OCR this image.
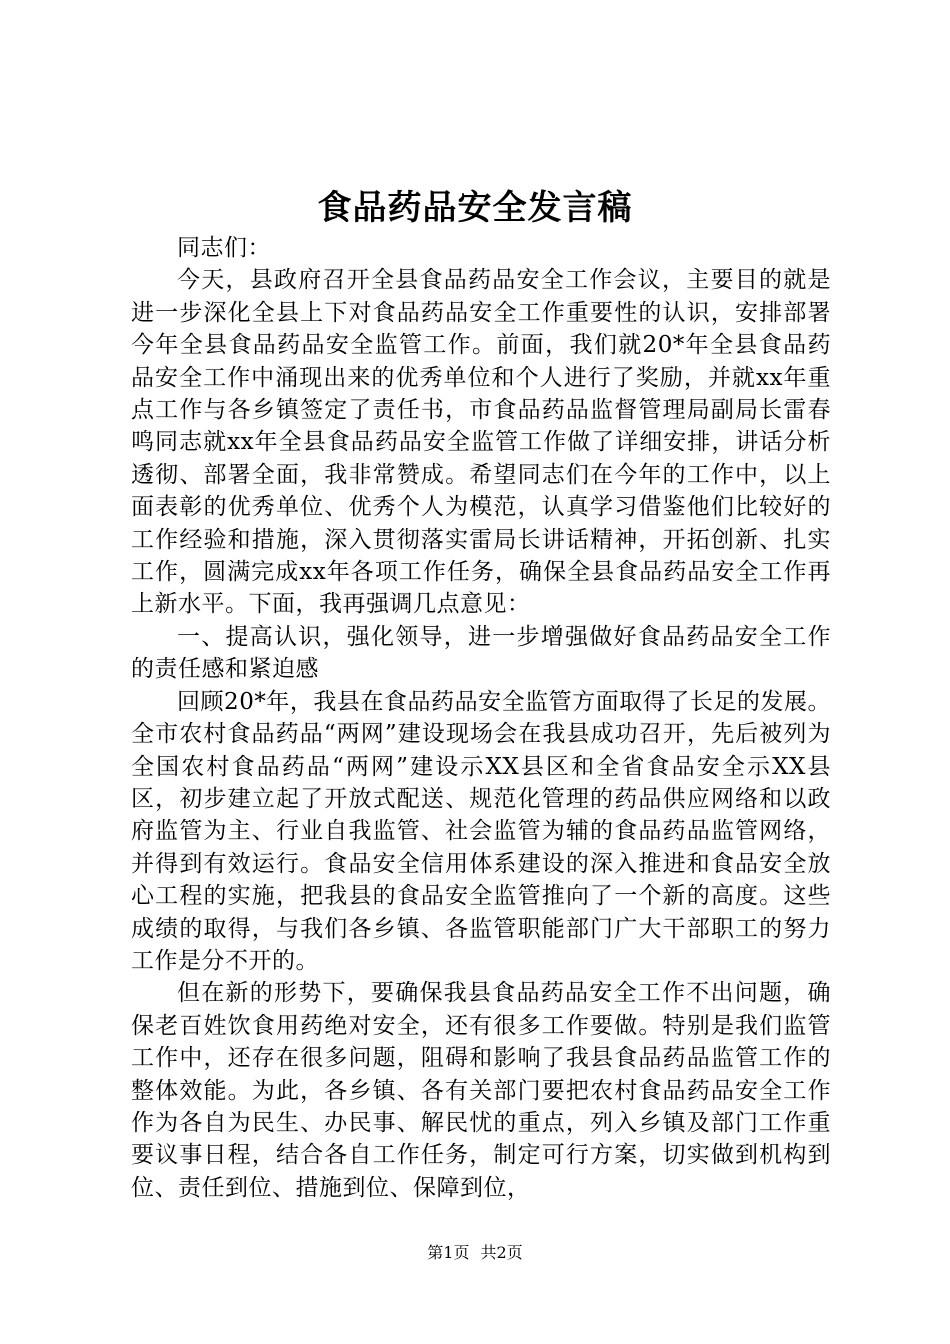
食品药品安全发言稿

同志们：

今天，县政府召开全县食品药品安全工作会议，主要目的就是进一步深化全县上下对食品药品安全工作重要性的认识，安排部署今年全县食品药品安全监管工作。前面，我们就20*年全县食品药品安全工作中涌现出来的优秀单位和个人进行了奖励，并就xx年重点工作与各乡镇签定了责任书，市食品药品监督管理局副局长雷春鸣同志就xx年全县食品药品安全监管工作做了详细安排，讲话分析透彻、部署全面，我非常赞成。希望同志们在今年的工作中，以上面表彰的优秀单位、优秀个人为模范，认真学习借鉴他们比较好的工作经验和措施，深入贯彻落实雷局长讲话精神，开拓创新、扎实工作，圆满完成xx年各项工作任务，确保全县食品药品安全工作再上新水平。下面，我再强调几点意见：

一、提高认识，强化领导，进一步增强做好食品药品安全工作的责任感和紧迫感

回顾20*年，我县在食品药品安全监管方面取得了长足的发展。全市农村食品药品“两网”建设现场会在我县成功召开，先后被列为全国农村食品药品“两网”建设示XX县区和全省食品安全示XX县区，初步建立起了开放式配送、规范化管理的药品供应网络和以政府监管为主、行业自我监管、社会监管为辅的食品药品监管网络，并得到有效运行。食品安全信用体系建设的深入推进和食品安全放心工程的实施，把我县的食品安全监管推向了一个新的高度。这些成绩的取得，与我们各乡镇、各监管职能部门广大干部职工的努力工作是分不开的。

但在新的形势下，要确保我县食品药品安全工作不出问题，确保老百姓饮食用药绝对安全，还有很多工作要做。特别是我们监管工作中，还存在很多问题，阻碍和影响了我县食品药品监管工作的整体效能。为此，各乡镇、各有关部门要把农村食品药品安全工作作为各自为民生、办民事、解民忧的重点，列入乡镇及部门工作重要议事日程，结合各自工作任务，制定可行方案，切实做到机构到位、责任到位、措施到位、保障到位，

第1页 共2页
